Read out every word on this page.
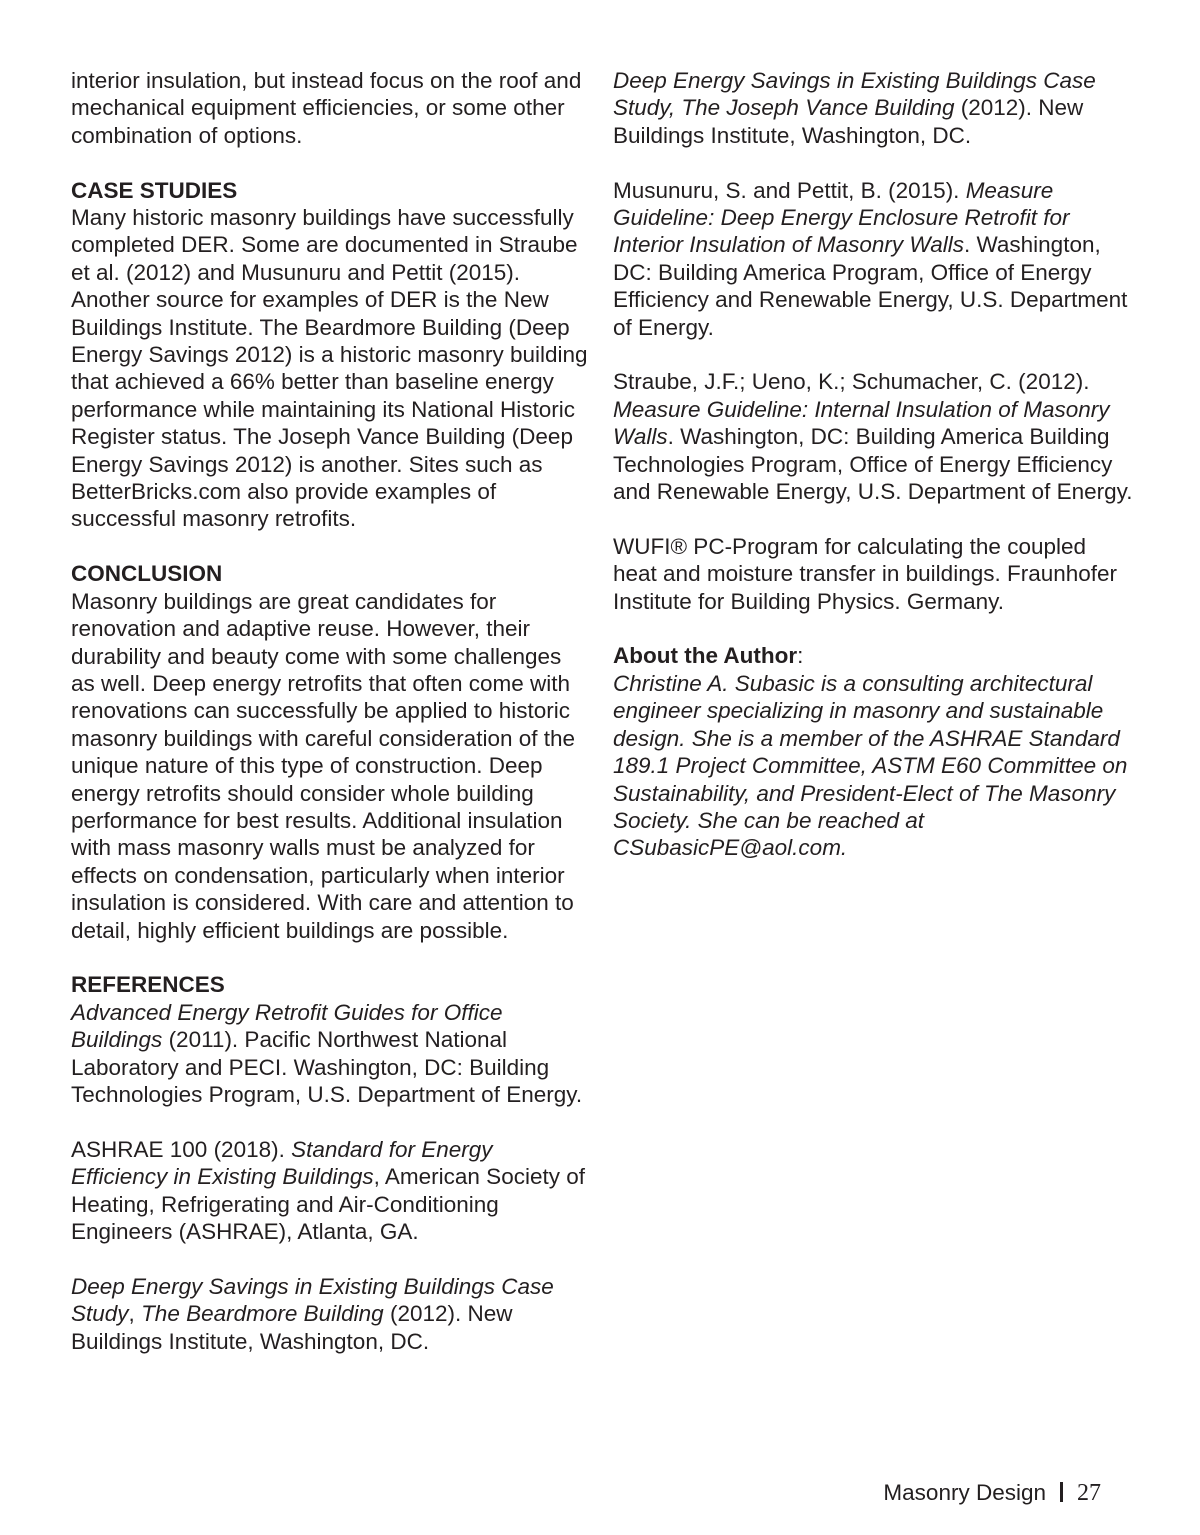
interior insulation, but instead focus on the roof and mechanical equipment efficiencies, or some other combination of options.

CASE STUDIES
Many historic masonry buildings have successfully completed DER. Some are documented in Straube et al. (2012) and Musunuru and Pettit (2015). Another source for examples of DER is the New Buildings Institute. The Beardmore Building (Deep Energy Savings 2012) is a historic masonry building that achieved a 66% better than baseline energy performance while maintaining its National Historic Register status. The Joseph Vance Building (Deep Energy Savings 2012) is another. Sites such as BetterBricks.com also provide examples of successful masonry retrofits.
CONCLUSION
Masonry buildings are great candidates for renovation and adaptive reuse. However, their durability and beauty come with some challenges as well. Deep energy retrofits that often come with renovations can successfully be applied to historic masonry buildings with careful consideration of the unique nature of this type of construction. Deep energy retrofits should consider whole building performance for best results. Additional insulation with mass masonry walls must be analyzed for effects on condensation, particularly when interior insulation is considered. With care and attention to detail, highly efficient buildings are possible.
REFERENCES

Advanced Energy Retrofit Guides for Office Buildings (2011). Pacific Northwest National Laboratory and PECI. Washington, DC: Building Technologies Program, U.S. Department of Energy.

ASHRAE 100 (2018). Standard for Energy Efficiency in Existing Buildings, American Society of Heating, Refrigerating and Air-Conditioning Engineers (ASHRAE), Atlanta, GA.

Deep Energy Savings in Existing Buildings Case Study, The Beardmore Building (2012). New Buildings Institute, Washington, DC.

Deep Energy Savings in Existing Buildings Case Study, The Joseph Vance Building (2012). New Buildings Institute, Washington, DC.

Musunuru, S. and Pettit, B. (2015). Measure Guideline: Deep Energy Enclosure Retrofit for Interior Insulation of Masonry Walls. Washington, DC: Building America Program, Office of Energy Efficiency and Renewable Energy, U.S. Department of Energy.

Straube, J.F.; Ueno, K.; Schumacher, C. (2012). Measure Guideline: Internal Insulation of Masonry Walls. Washington, DC: Building America Building Technologies Program, Office of Energy Efficiency and Renewable Energy, U.S. Department of Energy.

WUFI® PC-Program for calculating the coupled heat and moisture transfer in buildings. Fraunhofer Institute for Building Physics. Germany.

About the Author:
Christine A. Subasic is a consulting architectural engineer specializing in masonry and sustainable design. She is a member of the ASHRAE Standard 189.1 Project Committee, ASTM E60 Committee on Sustainability, and President-Elect of The Masonry Society. She can be reached at CSubasicPE@aol.com.
Masonry Design 27
